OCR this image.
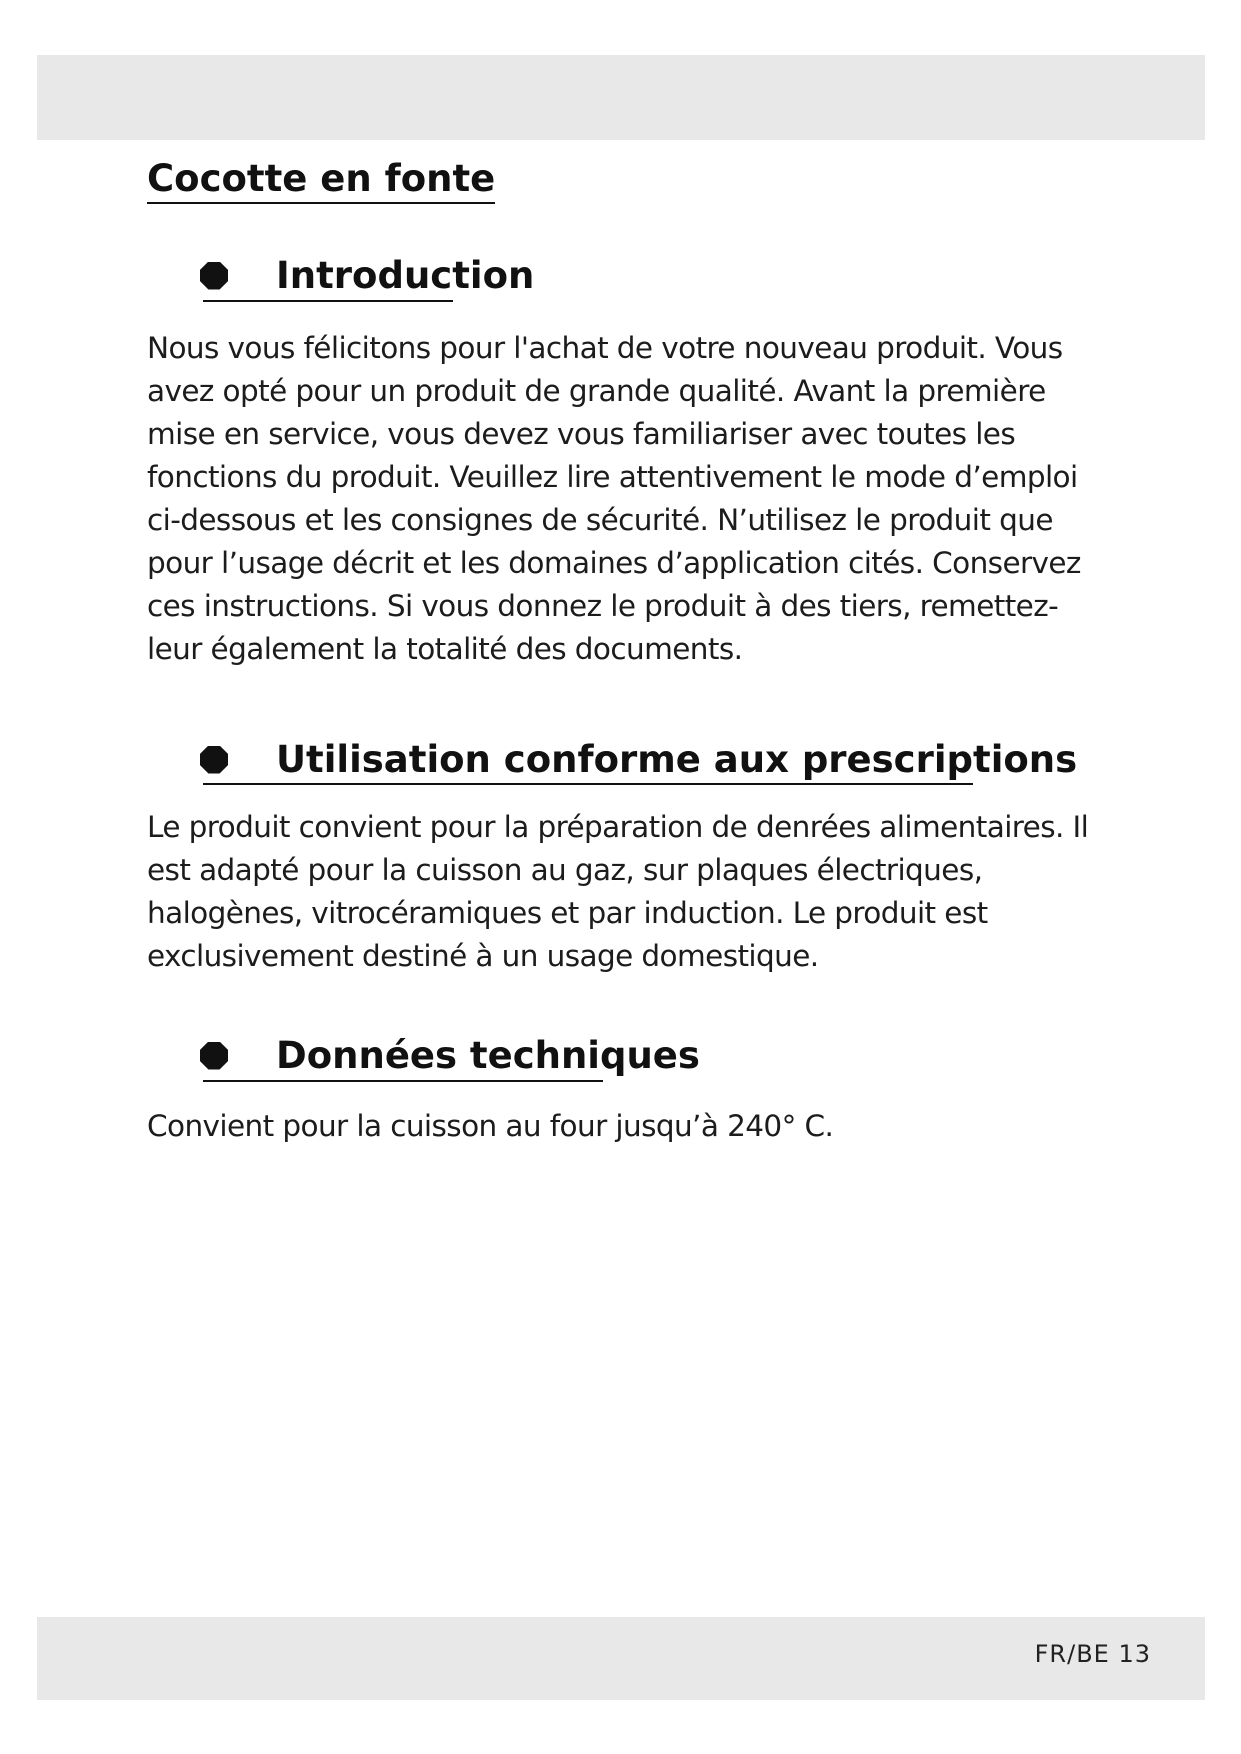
Cocotte en fonte
Introduction

Nous vous félicitons pour l'achat de votre nouveau produit. Vous avez opté pour un produit de grande qualité. Avant la première mise en service, vous devez vous familiariser avec toutes les fonctions du produit. Veuillez lire attentivement le mode d’emploi ci-dessous et les consignes de sécurité. N’utilisez le produit que pour l’usage décrit et les domaines d’application cités. Conservez ces instructions. Si vous donnez le produit à des tiers, remettez-leur également la totalité des documents.

Utilisation conforme aux prescriptions

Le produit convient pour la préparation de denrées alimentaires. Il est adapté pour la cuisson au gaz, sur plaques électriques, halogènes, vitrocéramiques et par induction. Le produit est exclusivement destiné à un usage domestique.

Données techniques

Convient pour la cuisson au four jusqu’à 240° C.

FR/BE 13
